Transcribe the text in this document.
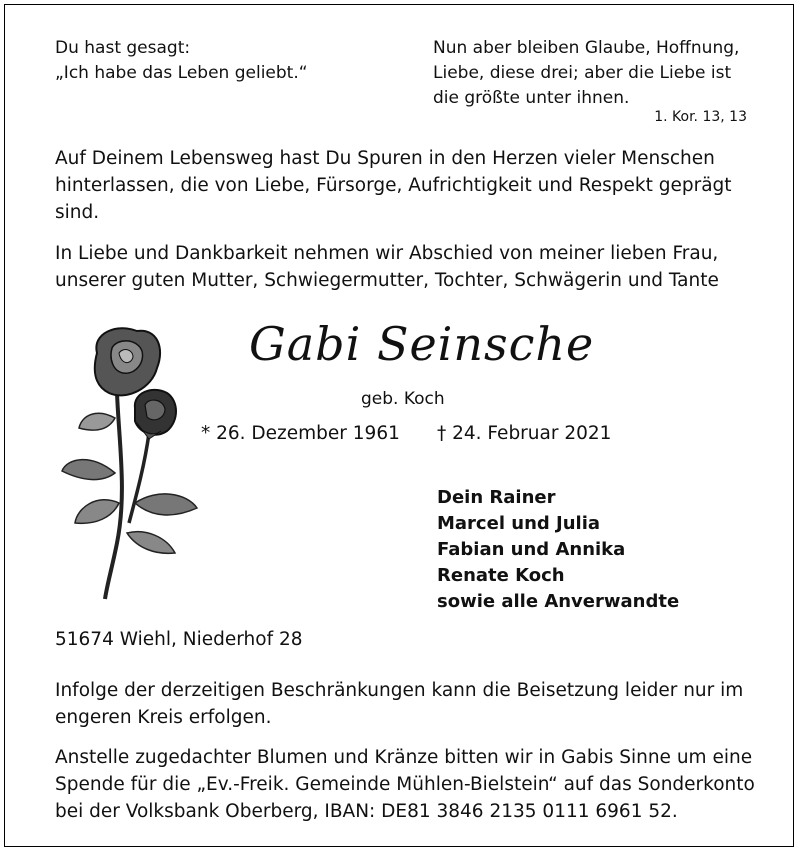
Du hast gesagt:
„Ich habe das Leben geliebt.“
Nun aber bleiben Glaube, Hoffnung,
Liebe, diese drei; aber die Liebe ist
die größte unter ihnen.
1. Kor. 13, 13
Auf Deinem Lebensweg hast Du Spuren in den Herzen vieler Menschen
hinterlassen, die von Liebe, Fürsorge, Aufrichtigkeit und Respekt geprägt
sind.
In Liebe und Dankbarkeit nehmen wir Abschied von meiner lieben Frau,
unserer guten Mutter, Schwiegermutter, Tochter, Schwägerin und Tante
Gabi Seinsche
geb. Koch
* 26. Dezember 1961 † 24. Februar 2021
Dein Rainer
Marcel und Julia
Fabian und Annika
Renate Koch
sowie alle Anverwandte
51674 Wiehl, Niederhof 28
Infolge der derzeitigen Beschränkungen kann die Beisetzung leider nur im
engeren Kreis erfolgen.
Anstelle zugedachter Blumen und Kränze bitten wir in Gabis Sinne um eine
Spende für die „Ev.-Freik. Gemeinde Mühlen-Bielstein“ auf das Sonderkonto
bei der Volksbank Oberberg, IBAN: DE81 3846 2135 0111 6961 52.
